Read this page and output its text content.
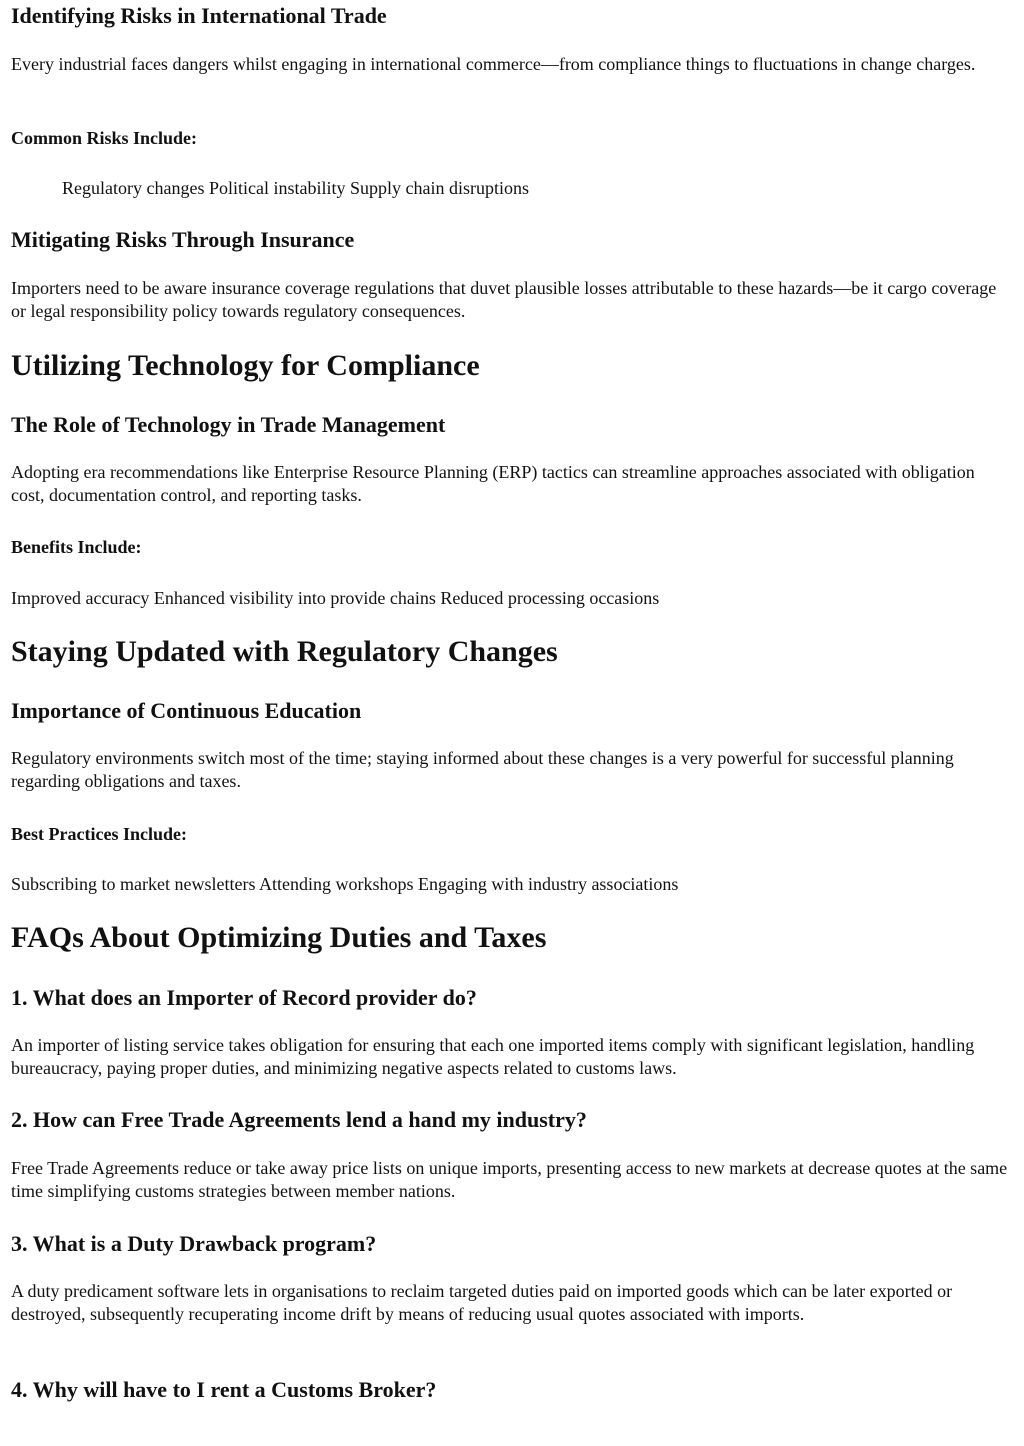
Identifying Risks in International Trade

Every industrial faces dangers whilst engaging in international commerce—from compliance things to fluctuations in change charges.

Common Risks Include:

Regulatory changes Political instability Supply chain disruptions

Mitigating Risks Through Insurance

Importers need to be aware insurance coverage regulations that duvet plausible losses attributable to these hazards—be it cargo coverage or legal responsibility policy towards regulatory consequences.

Utilizing Technology for Compliance
The Role of Technology in Trade Management

Adopting era recommendations like Enterprise Resource Planning (ERP) tactics can streamline approaches associated with obligation cost, documentation control, and reporting tasks.

Benefits Include:

Improved accuracy Enhanced visibility into provide chains Reduced processing occasions

Staying Updated with Regulatory Changes
Importance of Continuous Education

Regulatory environments switch most of the time; staying informed about these changes is a very powerful for successful planning regarding obligations and taxes.

Best Practices Include:

Subscribing to market newsletters Attending workshops Engaging with industry associations

FAQs About Optimizing Duties and Taxes
1. What does an Importer of Record provider do?

An importer of listing service takes obligation for ensuring that each one imported items comply with significant legislation, handling bureaucracy, paying proper duties, and minimizing negative aspects related to customs laws.

2. How can Free Trade Agreements lend a hand my industry?

Free Trade Agreements reduce or take away price lists on unique imports, presenting access to new markets at decrease quotes at the same time simplifying customs strategies between member nations.

3. What is a Duty Drawback program?

A duty predicament software lets in organisations to reclaim targeted duties paid on imported goods which can be later exported or destroyed, subsequently recuperating income drift by means of reducing usual quotes associated with imports.

4. Why will have to I rent a Customs Broker?
